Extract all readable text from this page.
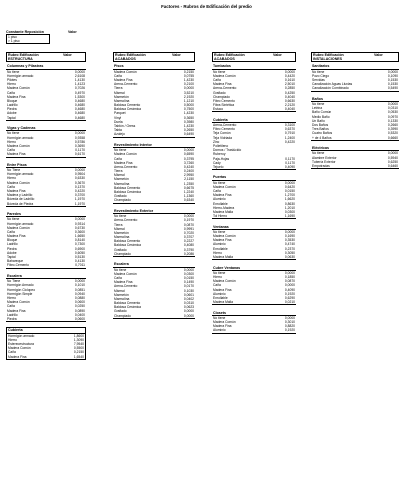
Factores - Rubros de Edificación del predio
Constante Reposición	Valor
1 piso
> 1 piso
Rubro Edificación	Valor
ESTRUCTURA
Columnas y Pilastras
No tiene	0,0000
Hormigón armado	2,6108
Pilotes	1,4130
Hierro	1,4123
Madera Común	0,7026
Caña	0,4970
Madera Fina	1,5300
Bloque	0,4680
Ladrillo	0,4680
Piedra	0,4680
Adobe	0,4680
Tapial	0,4680
Vigas y Cadenas
No tiene	0,0000
Hormigón armado	0,9358
Hierro	0,5786
Madera Común	0,3690
Caña	0,1170
Madera Fina	0,6170
Entre Pisos
No Tiene	0,0000
Hormigón armado	0,9504
Hierro	0,6330
Madera Común	0,3670
Caña	0,1370
Madera Fina	0,4220
Madera y Ladrillo	0,3700
Bóveda de Ladrillo	1,1970
Bóveda de Piedra	1,1970
Paredes
No tiene	0,0000
Hormigón armado	0,9314
Madera Común	0,6730
Caña	0,3600
Madera Fina	1,6650
Bloque	0,8140
Ladrillo	0,7300
Piedra	0,6900
Adobe	0,6050
Tapial	0,5130
Bahareque	0,4130
Fibro-Cemento	0,7011
Escalera
No Tiene	0,0000
Hormigón Armado	0,1010
Hormigón Ciclopeo	0,0851
Hormigón Simple	0,0940
Hierro	0,0880
Madera Común	0,0600
Caña	0,0250
Madera Fina	0,0890
Ladrillo	0,0400
Piedra	0,0600
Cubierta
Hormigón armado	1,8600
Hierro	1,3090
Estereoestructura	7,9540
Madera Común	0,5500
Caña	0,2150
Madera Fina	1,6540
Rubro Edificación	Valor
ACABADOS
Pisos
Madera Común	0,2150
Caña	0,0755
Madera Fina	1,4230
Arena-Cemento	0,2100
Tierra	0,0000
Mármol	3,5210
Marmetón	2,1920
Marmolina	1,1210
Baldosa Cemento	0,5000
Baldosa Cerámica	0,7500
Parquet	1,4230
Vinyl	0,3650
Duela	0,3980
Tablón / Gress	1,4230
Tabla	0,2650
Azulejo	0,6490
Revestimiento Interior
No tiene	0,0000
Madera Común	0,6590
Caña	0,3795
Madera Fina	3,7260
Arena-Cemento	0,4240
Tierra	0,2400
Mármol	2,9950
Marmetón	2,1150
Marmolina	1,2350
Baldosa Cemento	0,6675
Baldosa Cerámica	1,2240
Grafiado	1,1360
Champiado	0,6340
Revestimiento Exterior
No tiene	0,0000
Arena-Cemento	0,1970
Tierra	0,0870
Mármol	0,9991
Marmetón	0,7020
Marmolina	0,3707
Baldosa Cemento	0,2227
Baldosa Cerámica	0,4080
Grafiado	0,3790
Champiado	0,2086
Escalera
No tiene	0,0000
Madera Común	0,0300
Caña	0,0150
Madera Fina	0,1490
Arena-Cemento	0,0170
Mármol	0,1030
Marmetón	0,0601
Marmolina	0,0402
Baldosa Cemento	0,0310
Baldosa Cerámica	0,0623
Grafiado	0,0000
Champiado	0,0000
Rubro Edificación	Valor
ACABADOS
Tumbados
No tiene	0,0000
Madera Común	0,4420
Caña	0,1610
Madera Fina	2,5010
Arena-Cemento	0,2850
Grafiado	0,4250
Champiado	0,4040
Fibro Cemento	0,6630
Fibra Sintética	2,2120
Estuco	0,4040
Cubierta
Arena-Cemento	0,3100
Fibro Cemento	0,6370
Teja Común	0,7910
Teja Vidriada	1,2400
Zinc	0,4220
Polietileno
Domos / Traslúcido
Ruberoy
Paja-Hojas	0,1170
Cady	0,1170
Tejuelo	0,4090
Puertas
No tiene	0,0000
Madera Común	0,6420
Caña	0,0150
Madera Fina	1,2700
Aluminio	1,6620
Enrollable	0,8630
Hierro-Madera	1,2010
Madera Malla	0,0300
Tol Hierro	1,1690
Ventanas
No tiene	0,0000
Madera Común	0,1690
Madera Fina	0,3530
Aluminio	0,4740
Enrollable	0,2370
Hierro	0,3050
Madera Malla	0,0630
Cubre Ventanas
No tiene	0,0000
Hierro	0,1850
Madera Común	0,0870
Caña	0,0000
Madera Fina	0,4090
Aluminio	0,1920
Enrollable	0,6290
Madera Malla	0,0210
Closets
No tiene	0,0000
Madera Común	0,3010
Madera Fina	0,8820
Aluminio	0,1920
Rubro Edificación	Valor
INSTALACIONES
Sanitarios
No tiene	0,0000
Pozo Ciego	0,1090
Servidas	0,1530
Canalización Aguas Lluvias	0,1530
Canalización Combinado	0,5490
Baños
No tiene	0,0000
Letrina	0,0310
Baño Común	0,0530
Medio Baño	0,0970
Un Baño	0,1330
Dos Baños	0,2660
Tres Baños	0,3990
Cuatro Baños	0,5320
+ de 4 Baños	0,6660
Eléctricas
No tiene	0,0000
Alambre Exterior	0,5940
Tubería Exterior	0,6250
Empotradas	0,6460
